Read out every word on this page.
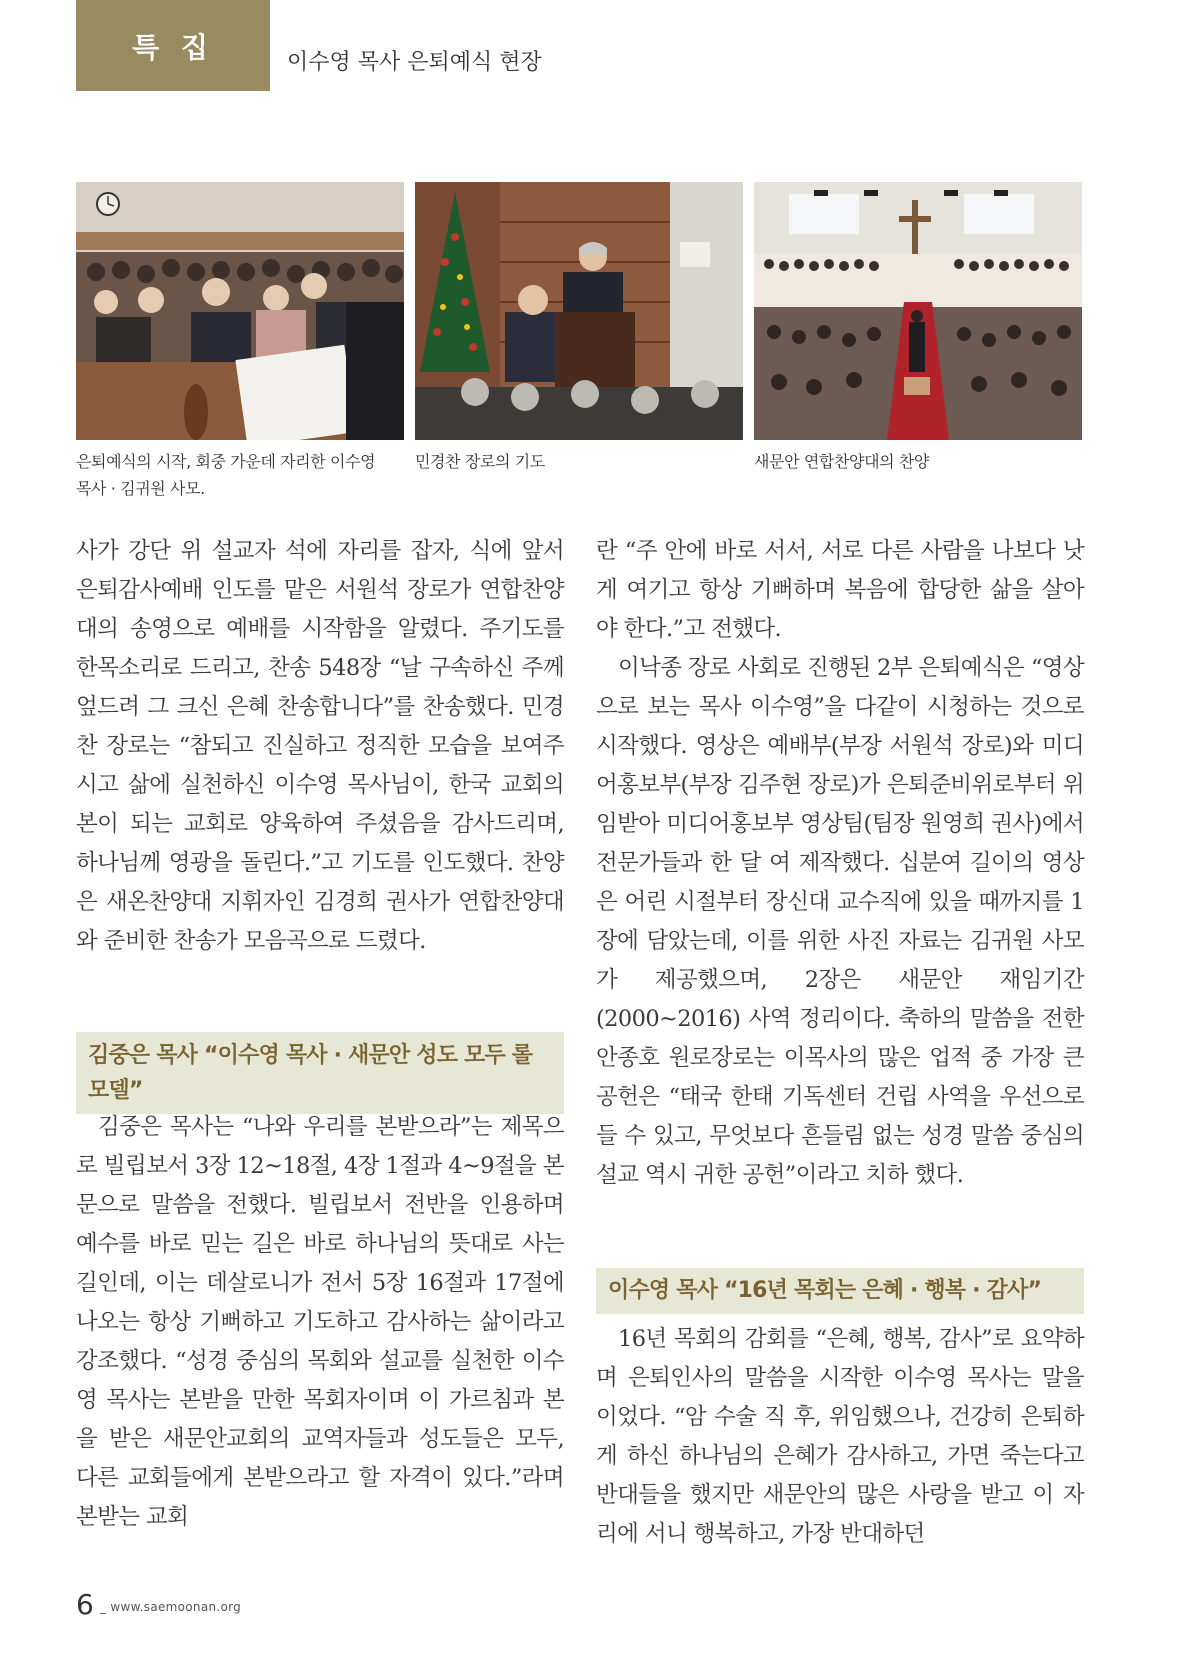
특 집	이수영 목사 은퇴예식 현장
은퇴예식의 시작, 회중 가운데 자리한 이수영
목사 · 김귀원 사모.
민경찬 장로의 기도	새문안 연합찬양대의 찬양

사가 강단 위 설교자 석에 자리를 잡자, 식에 앞서 은퇴감사예배 인도를 맡은 서원석 장로가 연합찬양대의 송영으로 예배를 시작함을 알렸다. 주기도를 한목소리로 드리고, 찬송 548장 “날 구속하신 주께 엎드려 그 크신 은혜 찬송합니다”를 찬송했다. 민경찬 장로는 “참되고 진실하고 정직한 모습을 보여주시고 삶에 실천하신 이수영 목사님이, 한국 교회의 본이 되는 교회로 양육하여 주셨음을 감사드리며, 하나님께 영광을 돌린다.”고 기도를 인도했다. 찬양은 새온찬양대 지휘자인 김경희 권사가 연합찬양대와 준비한 찬송가 모음곡으로 드렸다.

김중은 목사 “이수영 목사 · 새문안 성도 모두 롤 모델”

김중은 목사는 “나와 우리를 본받으라”는 제목으로 빌립보서 3장 12~18절, 4장 1절과 4~9절을 본문으로 말씀을 전했다. 빌립보서 전반을 인용하며 예수를 바로 믿는 길은 바로 하나님의 뜻대로 사는 길인데, 이는 데살로니가 전서 5장 16절과 17절에 나오는 항상 기뻐하고 기도하고 감사하는 삶이라고 강조했다. “성경 중심의 목회와 설교를 실천한 이수영 목사는 본받을 만한 목회자이며 이 가르침과 본을 받은 새문안교회의 교역자들과 성도들은 모두, 다른 교회들에게 본받으라고 할 자격이 있다.”라며 본받는 교회

란 “주 안에 바로 서서, 서로 다른 사람을 나보다 낫게 여기고 항상 기뻐하며 복음에 합당한 삶을 살아야 한다.”고 전했다.

이낙종 장로 사회로 진행된 2부 은퇴예식은 “영상으로 보는 목사 이수영”을 다같이 시청하는 것으로 시작했다. 영상은 예배부(부장 서원석 장로)와 미디어홍보부(부장 김주현 장로)가 은퇴준비위로부터 위임받아 미디어홍보부 영상팀(팀장 원영희 권사)에서 전문가들과 한 달 여 제작했다. 십분여 길이의 영상은 어린 시절부터 장신대 교수직에 있을 때까지를 1장에 담았는데, 이를 위한 사진 자료는 김귀원 사모가 제공했으며, 2장은 새문안 재임기간(2000~2016) 사역 정리이다. 축하의 말씀을 전한 안종호 원로장로는 이목사의 많은 업적 중 가장 큰 공헌은 “태국 한태 기독센터 건립 사역을 우선으로 들 수 있고, 무엇보다 흔들림 없는 성경 말씀 중심의 설교 역시 귀한 공헌”이라고 치하 했다.

이수영 목사 “16년 목회는 은혜 · 행복 · 감사”

16년 목회의 감회를 “은혜, 행복, 감사”로 요약하며 은퇴인사의 말씀을 시작한 이수영 목사는 말을 이었다. “암 수술 직 후, 위임했으나, 건강히 은퇴하게 하신 하나님의 은혜가 감사하고, 가면 죽는다고 반대들을 했지만 새문안의 많은 사랑을 받고 이 자리에 서니 행복하고, 가장 반대하던

6 _ www.saemoonan.org
